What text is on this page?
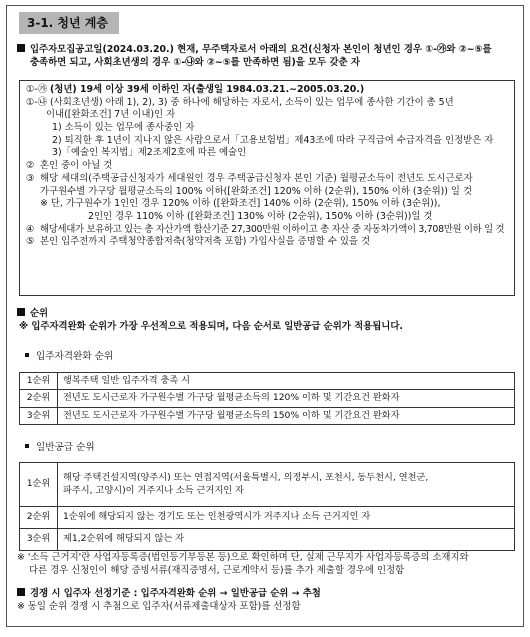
3-1. 청년 계층
입주자모집공고일(2024.03.20.) 현재, 무주택자로서 아래의 요건(신청자 본인이 청년인 경우 ①-㉮와 ②~⑤를
충족하면 되고, 사회초년생의 경우 ①-㉯와 ②~⑤를 만족하면 됨)을 모두 갖춘 자
①-㉮ (청년) 19세 이상 39세 이하인 자(출생일 1984.03.21.~2005.03.20.)
①-㉯ (사회초년생) 아래 1), 2), 3) 중 하나에 해당하는 자로서, 소득이 있는 업무에 종사한 기간이 총 5년
이내([완화조건] 7년 이내)인 자
1) 소득이 있는 업무에 종사중인 자
2) 퇴직한 후 1년이 지나지 않은 사람으로서「고용보험법」제43조에 따라 구직급여 수급자격을 인정받은 자
3)「예술인 복지법」제2조제2호에 따른 예술인
② 혼인 중이 아닐 것
③ 해당 세대의(주택공급신청자가 세대원인 경우 주택공급신청자 본인 기준) 월평균소득이 전년도 도시근로자
가구원수별 가구당 월평균소득의 100% 이하([완화조건] 120% 이하 (2순위), 150% 이하 (3순위)) 일 것
※ 단, 가구원수가 1인인 경우 120% 이하 ([완화조건] 140% 이하 (2순위), 150% 이하 (3순위)),
2인인 경우 110% 이하 ([완화조건] 130% 이하 (2순위), 150% 이하 (3순위))일 것
④ 해당세대가 보유하고 있는 총 자산가액 합산기준 27,300만원 이하이고 총 자산 중 자동차가액이 3,708만원 이하 일 것
⑤ 본인 입주전까지 주택청약종합저축(청약저축 포함) 가입사실을 증명할 수 있을 것
순위
※ 입주자격완화 순위가 가장 우선적으로 적용되며, 다음 순서로 일반공급 순위가 적용됩니다.
입주자격완화 순위
1순위	행복주택 일반 입주자격 충족 시
2순위	전년도 도시근로자 가구원수별 가구당 월평균소득의 120% 이하 및 기간요건 완화자
3순위	전년도 도시근로자 가구원수별 가구당 월평균소득의 150% 이하 및 기간요건 완화자
일반공급 순위
1순위	해당 주택건설지역(양주시) 또는 연접지역(서울특별시, 의정부시, 포천시, 동두천시, 연천군,
파주시, 고양시)이 거주지나 소득 근거지인 자

2순위	1순위에 해당되지 않는 경기도 또는 인천광역시가 거주지나 소득 근거지인 자
3순위	제1,2순위에 해당되지 않는 자
※ '소득 근거지'란 사업자등록증(법인등기부등본 등)으로 확인하며 단, 실제 근무지가 사업자등록증의 소재지와
다른 경우 신청인이 해당 증빙서류(재직증명서, 근로계약서 등)를 추가 제출할 경우에 인정함
경쟁 시 입주자 선정기준 : 입주자격완화 순위 → 일반공급 순위 → 추첨
※ 동일 순위 경쟁 시 추첨으로 입주자(서류제출대상자 포함)를 선정함
